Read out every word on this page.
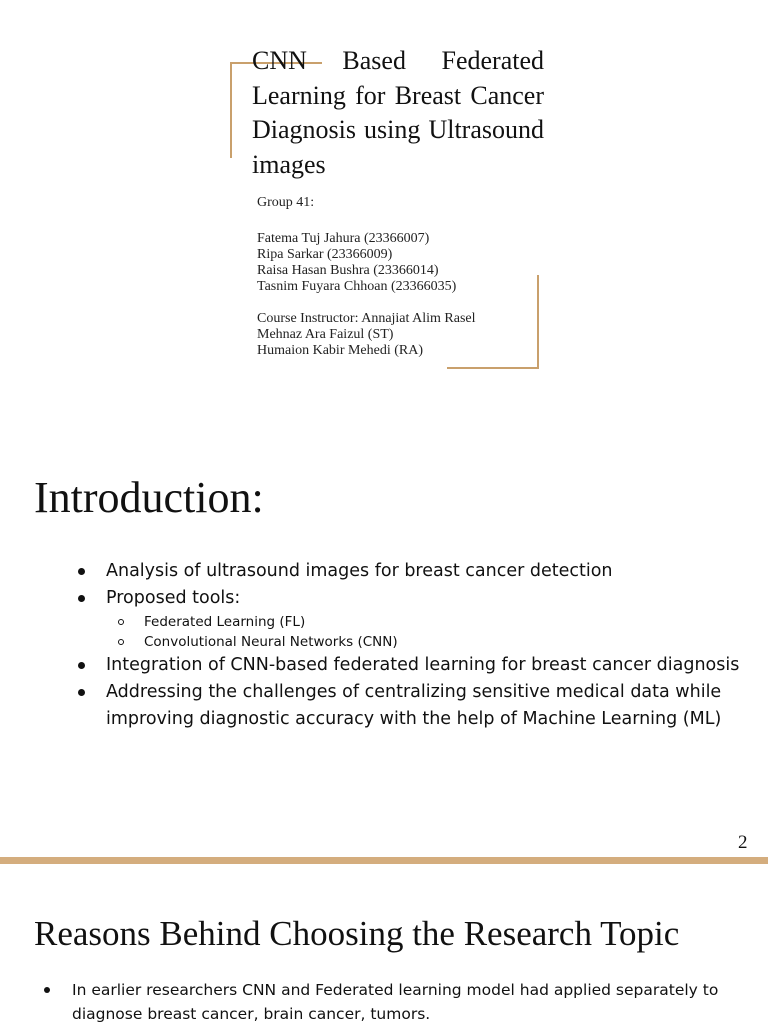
CNN Based Federated Learning for Breast Cancer Diagnosis using Ultrasound images
Group 41:
Fatema Tuj Jahura (23366007)
Ripa Sarkar (23366009)
Raisa Hasan Bushra (23366014)
Tasnim Fuyara Chhoan (23366035)
Course Instructor: Annajiat Alim Rasel
Mehnaz Ara Faizul (ST)
Humaion Kabir Mehedi (RA)
Introduction:
Analysis of ultrasound images for breast cancer detection
Proposed tools:
Federated Learning (FL)
Convolutional Neural Networks (CNN)
Integration of CNN-based federated learning for breast cancer diagnosis
Addressing the challenges of centralizing sensitive medical data while improving diagnostic accuracy with the help of Machine Learning (ML)
2
Reasons Behind Choosing the Research Topic
In earlier researchers CNN and Federated learning model had applied separately to diagnose breast cancer, brain cancer, tumors.
